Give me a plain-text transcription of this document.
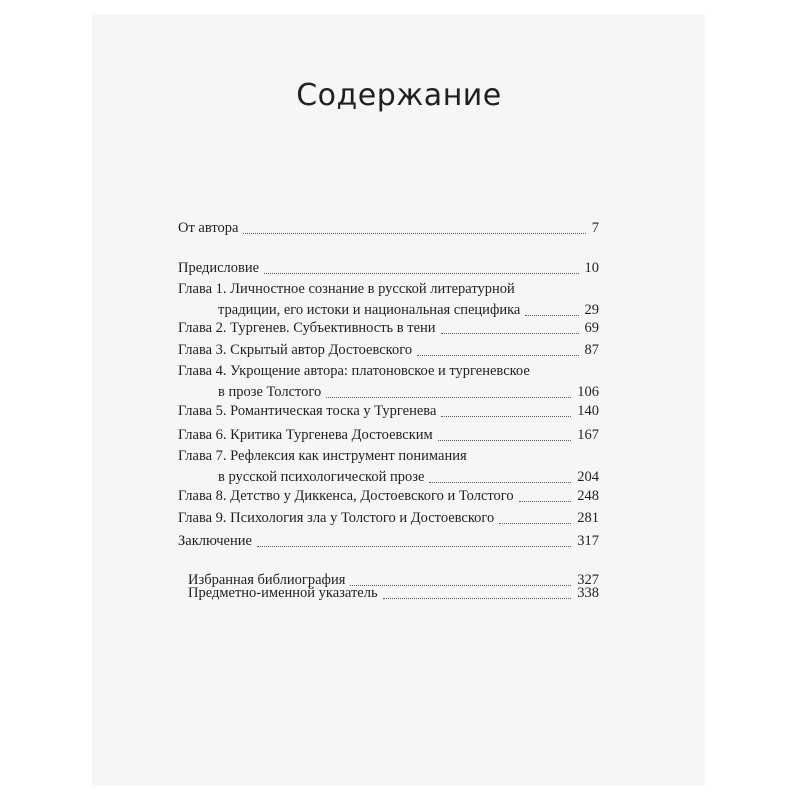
Содержание
От автора	7
Предисловие	10
Глава 1. Личностное сознание в русской литературной
традиции, его истоки и национальная специфика	29
Глава 2. Тургенев. Субъективность в тени	69
Глава 3. Скрытый автор Достоевского	87
Глава 4. Укрощение автора: платоновское и тургеневское
в прозе Толстого	106
Глава 5. Романтическая тоска у Тургенева	140
Глава 6. Критика Тургенева Достоевским	167
Глава 7. Рефлексия как инструмент понимания
в русской психологической прозе	204
Глава 8. Детство у Диккенса, Достоевского и Толстого	248
Глава 9. Психология зла у Толстого и Достоевского	281
Заключение	317
Избранная библиография	327
Предметно-именной указатель	338
